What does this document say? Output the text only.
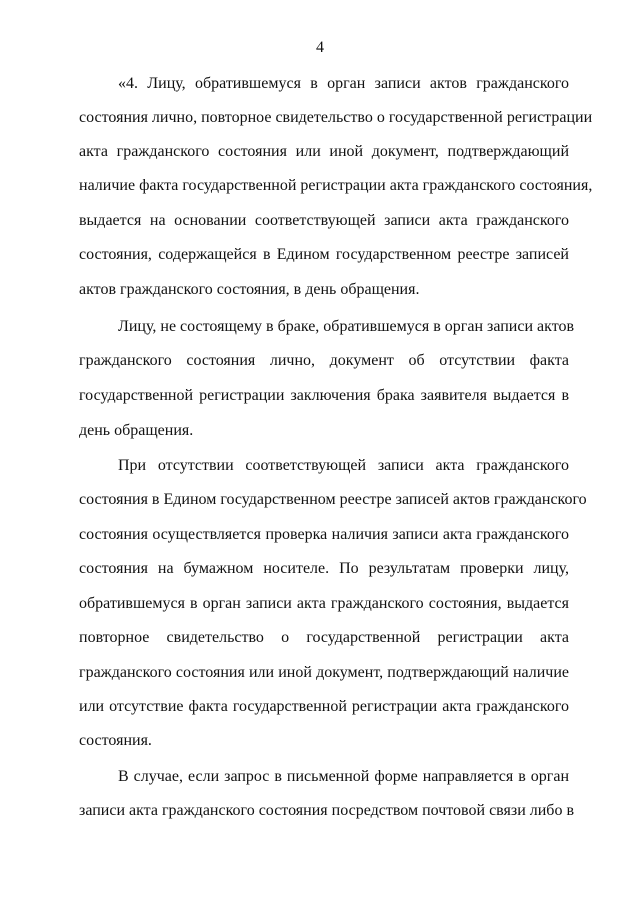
4
«4. Лицу, обратившемуся в орган записи актов гражданского
состояния лично, повторное свидетельство о государственной регистрации
акта гражданского состояния или иной документ, подтверждающий
наличие факта государственной регистрации акта гражданского состояния,
выдается на основании соответствующей записи акта гражданского
состояния, содержащейся в Едином государственном реестре записей
актов гражданского состояния, в день обращения.
Лицу, не состоящему в браке, обратившемуся в орган записи актов
гражданского состояния лично, документ об отсутствии факта
государственной регистрации заключения брака заявителя выдается в
день обращения.
При отсутствии соответствующей записи акта гражданского
состояния в Едином государственном реестре записей актов гражданского
состояния осуществляется проверка наличия записи акта гражданского
состояния на бумажном носителе. По результатам проверки лицу,
обратившемуся в орган записи акта гражданского состояния, выдается
повторное свидетельство о государственной регистрации акта
гражданского состояния или иной документ, подтверждающий наличие
или отсутствие факта государственной регистрации акта гражданского
состояния.
В случае, если запрос в письменной форме направляется в орган
записи акта гражданского состояния посредством почтовой связи либо в
